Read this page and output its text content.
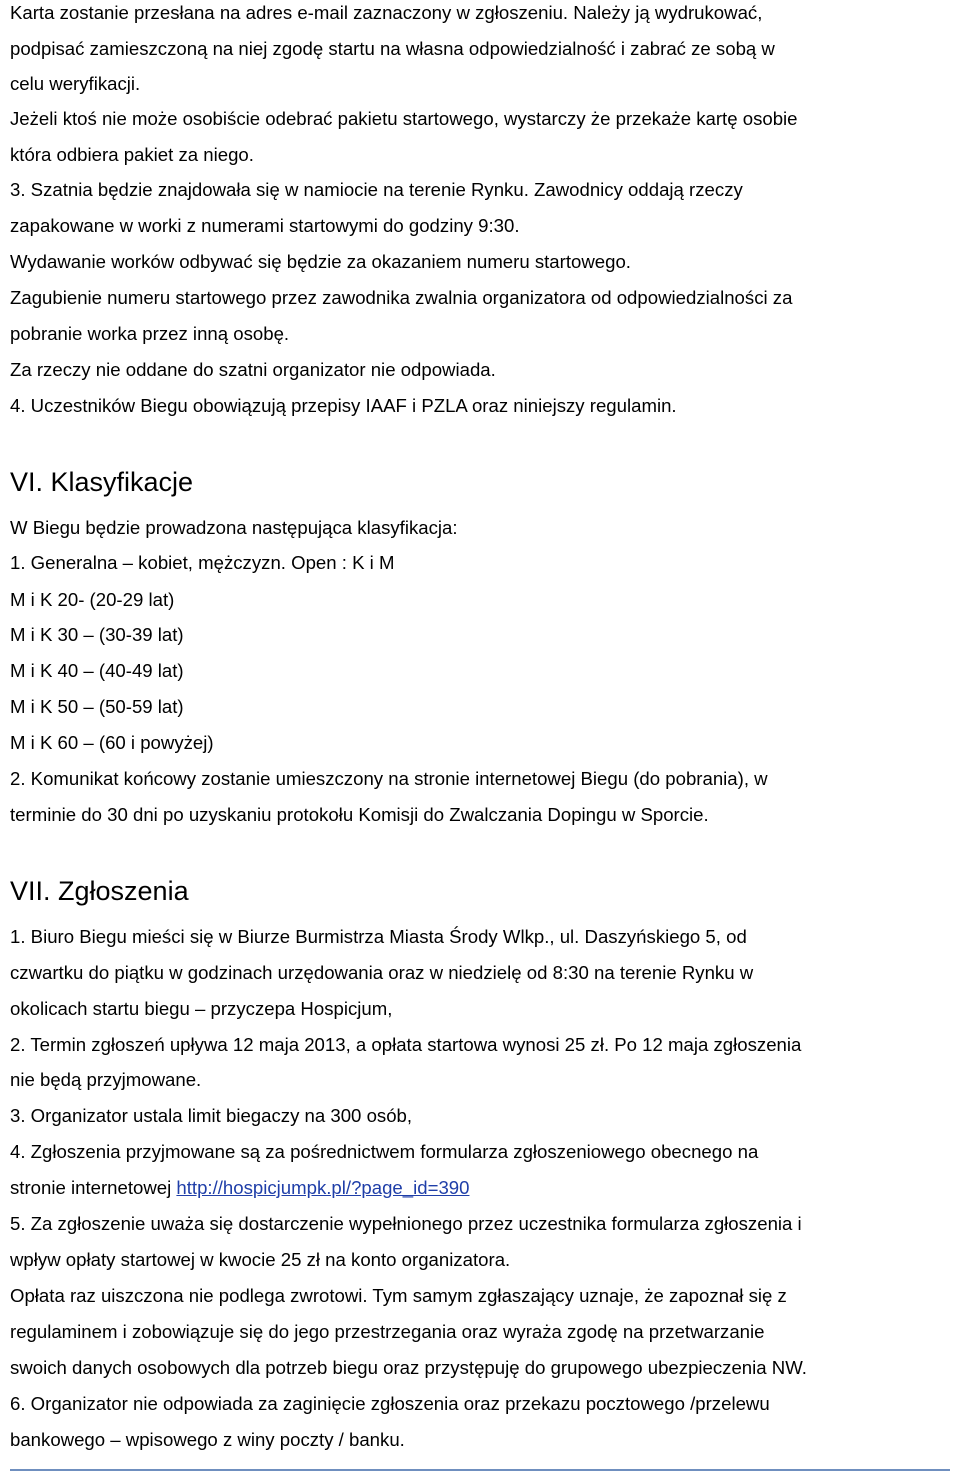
Karta zostanie przesłana na adres e-mail zaznaczony w zgłoszeniu. Należy ją wydrukować,
podpisać zamieszczoną na niej zgodę startu na własna odpowiedzialność i zabrać ze sobą w
celu weryfikacji.
Jeżeli ktoś nie może osobiście odebrać pakietu startowego, wystarczy że przekaże kartę osobie
która odbiera pakiet za niego.
3. Szatnia będzie znajdowała się w namiocie na terenie Rynku. Zawodnicy oddają rzeczy
zapakowane w worki z numerami startowymi do godziny 9:30.
Wydawanie worków odbywać się będzie za okazaniem numeru startowego.
Zagubienie numeru startowego przez zawodnika zwalnia organizatora od odpowiedzialności za
pobranie worka przez inną osobę.
Za rzeczy nie oddane do szatni organizator nie odpowiada.
4. Uczestników Biegu obowiązują przepisy IAAF i PZLA oraz niniejszy regulamin.
VI. Klasyfikacje
W Biegu będzie prowadzona następująca klasyfikacja:
1. Generalna – kobiet, mężczyzn. Open : K i M
M i K 20- (20-29 lat)
M i K 30 – (30-39 lat)
M i K 40 – (40-49 lat)
M i K 50 – (50-59 lat)
M i K 60 – (60 i powyżej)
2. Komunikat końcowy zostanie umieszczony na stronie internetowej Biegu (do pobrania), w
terminie do 30 dni po uzyskaniu protokołu Komisji do Zwalczania Dopingu w Sporcie.
VII. Zgłoszenia
1. Biuro Biegu mieści się w Biurze Burmistrza Miasta Środy Wlkp., ul. Daszyńskiego 5, od
czwartku do piątku w godzinach urzędowania oraz w niedzielę od 8:30 na terenie Rynku w
okolicach startu biegu – przyczepa Hospicjum,
2. Termin zgłoszeń upływa 12 maja 2013, a opłata startowa wynosi 25 zł. Po 12 maja zgłoszenia
nie będą przyjmowane.
3. Organizator ustala limit biegaczy na 300 osób,
4. Zgłoszenia przyjmowane są za pośrednictwem formularza zgłoszeniowego obecnego na
stronie internetowej http://hospicjumpk.pl/?page_id=390
5. Za zgłoszenie uważa się dostarczenie wypełnionego przez uczestnika formularza zgłoszenia i
wpływ opłaty startowej w kwocie 25 zł na konto organizatora.
Opłata raz uiszczona nie podlega zwrotowi. Tym samym zgłaszający uznaje, że zapoznał się z
regulaminem i zobowiązuje się do jego przestrzegania oraz wyraża zgodę na przetwarzanie
swoich danych osobowych dla potrzeb biegu oraz przystępuję do grupowego ubezpieczenia NW.
6. Organizator nie odpowiada za zaginięcie zgłoszenia oraz przekazu pocztowego /przelewu
bankowego – wpisowego z winy poczty / banku.
